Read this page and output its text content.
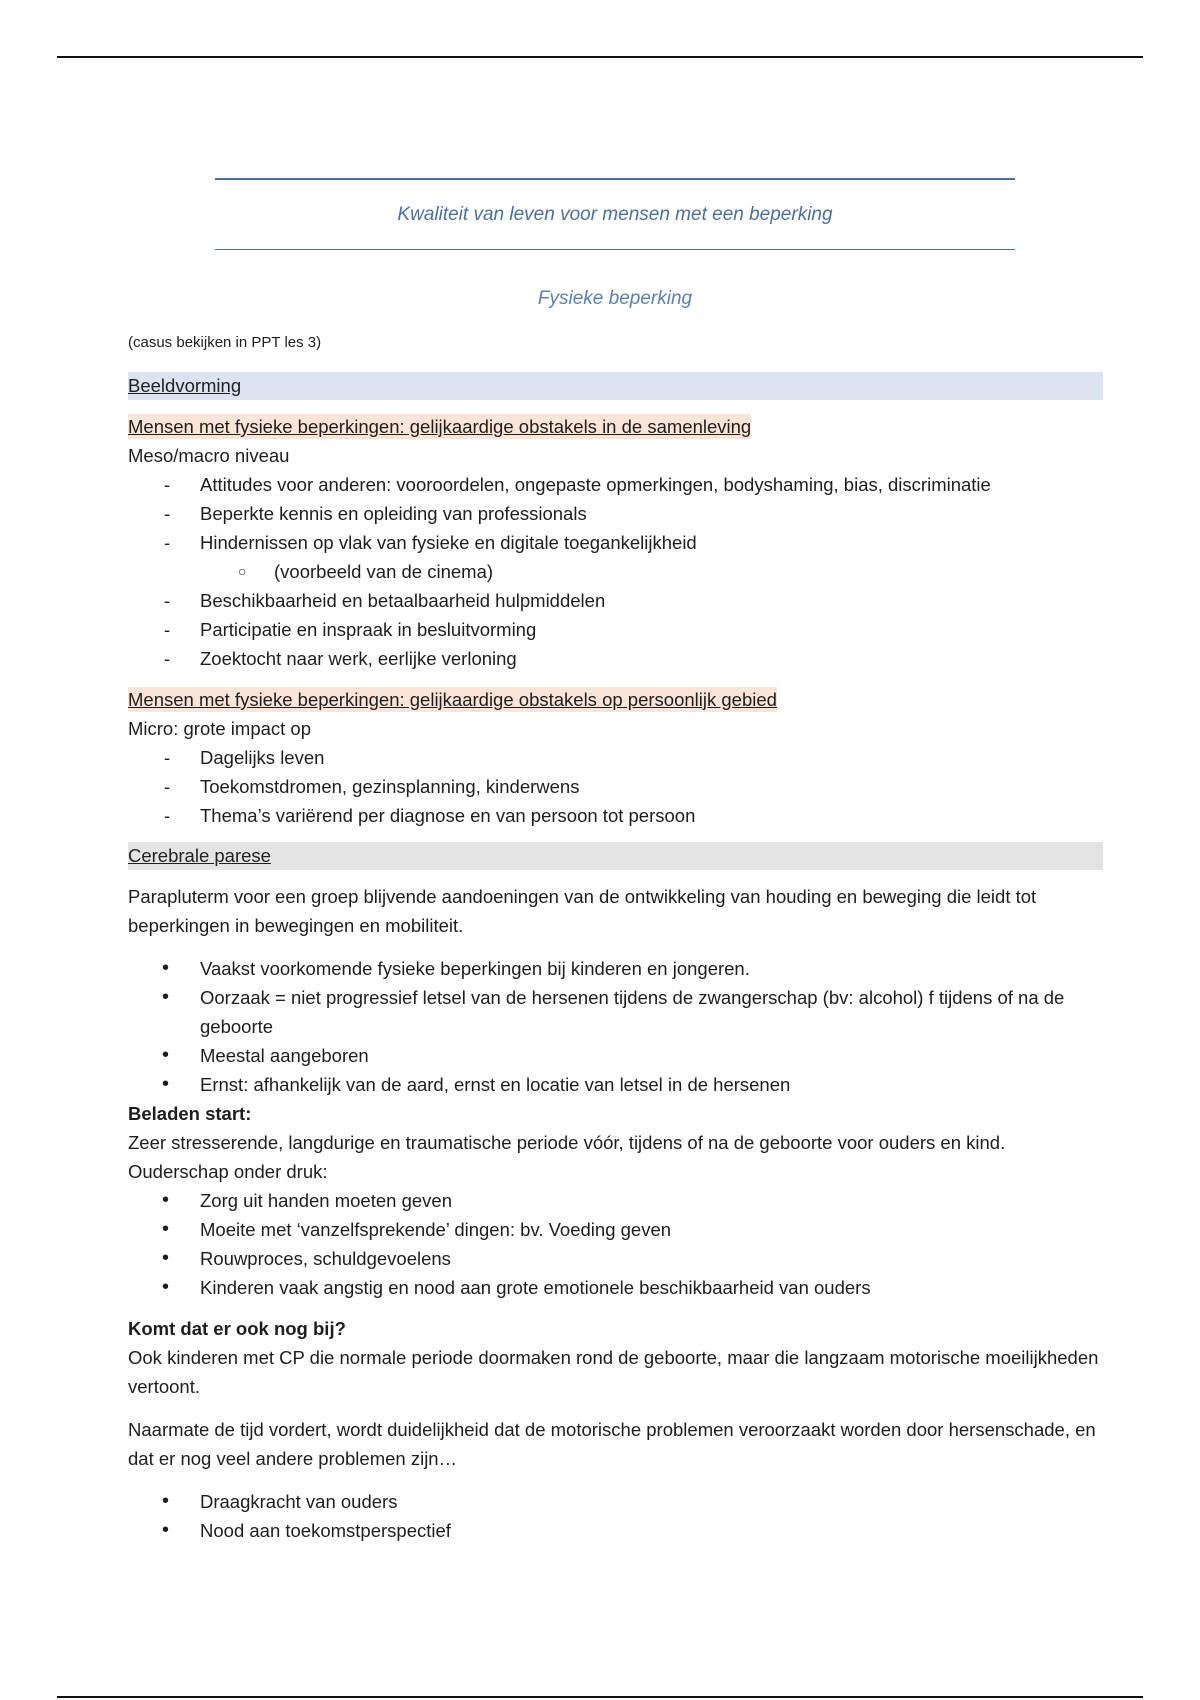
Kwaliteit van leven voor mensen met een beperking
Fysieke beperking

(casus bekijken in PPT les 3)

Beeldvorming
Mensen met fysieke beperkingen: gelijkaardige obstakels in de samenleving

Meso/macro niveau

- Attitudes voor anderen: vooroordelen, ongepaste opmerkingen, bodyshaming, bias, discriminatie
- Beperkte kennis en opleiding van professionals
- Hindernissen op vlak van fysieke en digitale toegankelijkheid
○ (voorbeeld van de cinema)
- Beschikbaarheid en betaalbaarheid hulpmiddelen
- Participatie en inspraak in besluitvorming
- Zoektocht naar werk, eerlijke verloning
Mensen met fysieke beperkingen: gelijkaardige obstakels op persoonlijk gebied

Micro: grote impact op

- Dagelijks leven
- Toekomstdromen, gezinsplanning, kinderwens
- Thema’s variërend per diagnose en van persoon tot persoon
Cerebrale parese

Parapluterm voor een groep blijvende aandoeningen van de ontwikkeling van houding en beweging die leidt tot beperkingen in bewegingen en mobiliteit.

• Vaakst voorkomende fysieke beperkingen bij kinderen en jongeren.
• Oorzaak = niet progressief letsel van de hersenen tijdens de zwangerschap (bv: alcohol) f tijdens of na de geboorte
• Meestal aangeboren
• Ernst: afhankelijk van de aard, ernst en locatie van letsel in de hersenen

Beladen start:

Zeer stresserende, langdurige en traumatische periode vóór, tijdens of na de geboorte voor ouders en kind.

Ouderschap onder druk:

• Zorg uit handen moeten geven
• Moeite met ‘vanzelfsprekende’ dingen: bv. Voeding geven
• Rouwproces, schuldgevoelens
• Kinderen vaak angstig en nood aan grote emotionele beschikbaarheid van ouders

Komt dat er ook nog bij?

Ook kinderen met CP die normale periode doormaken rond de geboorte, maar die langzaam motorische moeilijkheden vertoont.

Naarmate de tijd vordert, wordt duidelijkheid dat de motorische problemen veroorzaakt worden door hersenschade, en dat er nog veel andere problemen zijn…

• Draagkracht van ouders
• Nood aan toekomstperspectief
